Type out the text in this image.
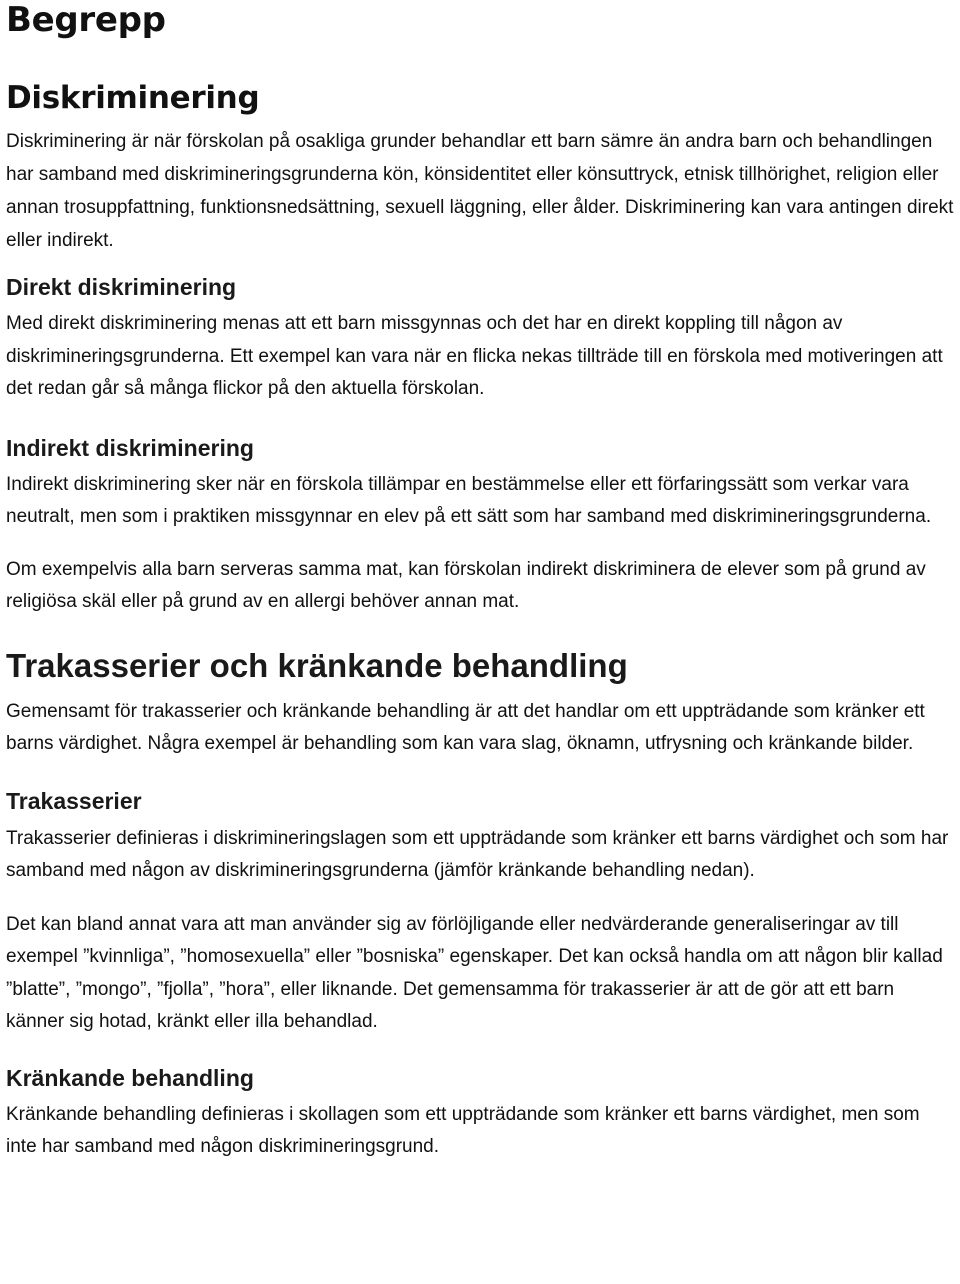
Begrepp
Diskriminering

Diskriminering är när förskolan på osakliga grunder behandlar ett barn sämre än andra barn och behandlingen har samband med diskrimineringsgrunderna kön, könsidentitet eller könsuttryck, etnisk tillhörighet, religion eller annan trosuppfattning, funktionsnedsättning, sexuell läggning, eller ålder. Diskriminering kan vara antingen direkt eller indirekt.

Direkt diskriminering

Med direkt diskriminering menas att ett barn missgynnas och det har en direkt koppling till någon av diskrimineringsgrunderna. Ett exempel kan vara när en flicka nekas tillträde till en förskola med motiveringen att det redan går så många flickor på den aktuella förskolan.

Indirekt diskriminering

Indirekt diskriminering sker när en förskola tillämpar en bestämmelse eller ett förfaringssätt som verkar vara neutralt, men som i praktiken missgynnar en elev på ett sätt som har samband med diskrimineringsgrunderna.

Om exempelvis alla barn serveras samma mat, kan förskolan indirekt diskriminera de elever som på grund av religiösa skäl eller på grund av en allergi behöver annan mat.

Trakasserier och kränkande behandling

Gemensamt för trakasserier och kränkande behandling är att det handlar om ett uppträdande som kränker ett barns värdighet. Några exempel är behandling som kan vara slag, öknamn, utfrysning och kränkande bilder.

Trakasserier

Trakasserier definieras i diskrimineringslagen som ett uppträdande som kränker ett barns värdighet och som har samband med någon av diskrimineringsgrunderna (jämför kränkande behandling nedan).

Det kan bland annat vara att man använder sig av förlöjligande eller nedvärderande generaliseringar av till exempel ”kvinnliga”, ”homosexuella” eller ”bosniska” egenskaper. Det kan också handla om att någon blir kallad ”blatte”, ”mongo”, ”fjolla”, ”hora”, eller liknande. Det gemensamma för trakasserier är att de gör att ett barn känner sig hotad, kränkt eller illa behandlad.

Kränkande behandling

Kränkande behandling definieras i skollagen som ett uppträdande som kränker ett barns värdighet, men som inte har samband med någon diskrimineringsgrund.
